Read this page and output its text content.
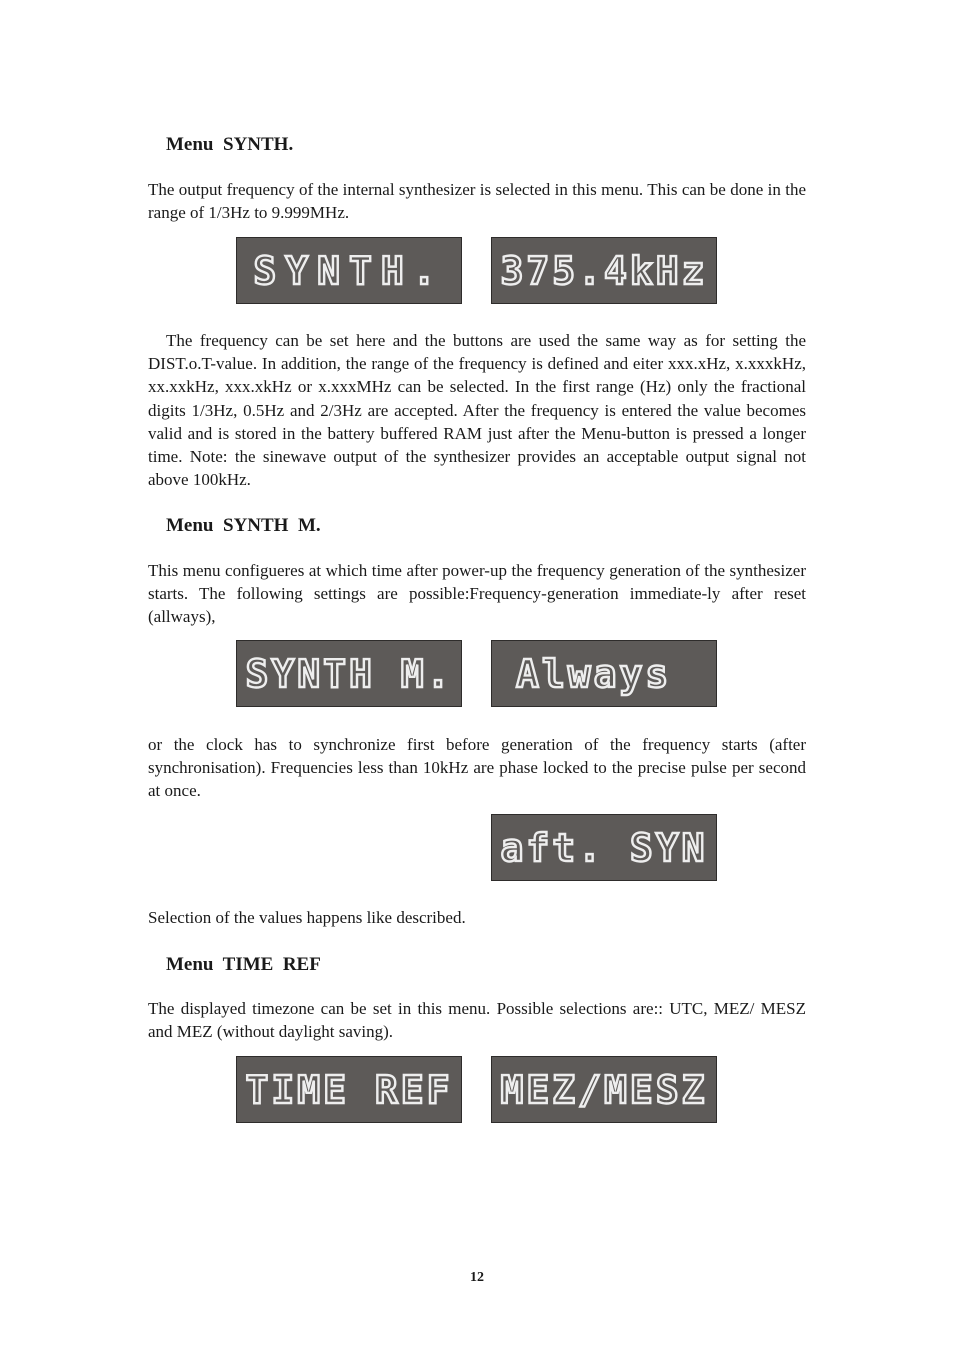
Menu  SYNTH.

The output frequency of the internal synthesizer is selected in this menu. This can be done in the range of 1/3Hz to 9.999MHz.

SYNTH.	375.4kHz

The frequency can be set here and the buttons are used the same way as for setting the DIST.o.T-value. In addition, the range of the frequency is defined and eiter xxx.xHz, x.xxxkHz, xx.xxkHz, xxx.xkHz or x.xxxMHz can be selected. In the first range (Hz) only the fractional digits 1/3Hz, 0.5Hz and 2/3Hz are accepted. After the frequency is entered the value becomes valid and is stored in the battery buffered RAM just after the Menu-button is pressed a longer time. Note: the sinewave output of the synthesizer provides an acceptable output signal not above 100kHz.

Menu  SYNTH  M.

This menu configueres at which time after power-up the frequency generation of the synthesizer starts. The following settings are possible:Frequency-generation immediate-ly after reset (allways),

SYNTH M.	Always

or the clock has to synchronize first before generation of the frequency starts (after synchronisation). Frequencies less than 10kHz are phase locked to the precise pulse per second at once.

aft. SYN

Selection of the values happens like described.

Menu  TIME  REF

The displayed timezone can be set in this menu. Possible selections are:: UTC, MEZ/ MESZ and MEZ (without daylight saving).

TIME REF MEZ/MESZ
12
